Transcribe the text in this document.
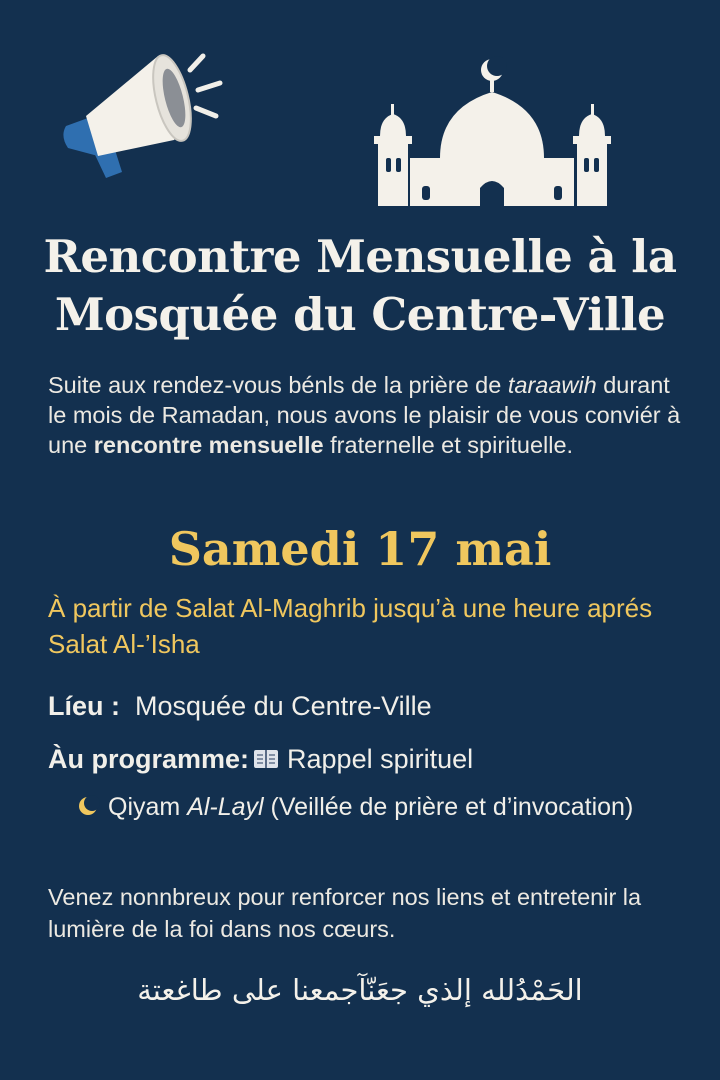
Rencontre Mensuelle à la
Mosquée du Centre-Ville

Suite aux rendez-vous bénls de la prière de taraawih durant le mois de Ramadan, nous avons le plaisir de vous conviér à une rencontre mensuelle fraternelle et spirituelle.

Samedi 17 mai
À partir de Salat Al-Maghrib jusqu’à une heure aprés Salat Al-’Isha
Líeu : Mosquée du Centre-Ville
Àu programme: Rappel spirituel
Qiyam Al-Layl (Veillée de prière et d’invocation)

Venez nonnbreux pour renforcer nos liens et entretenir la lumière de la foi dans nos cœurs.

الحَمْدُلله إلذي جعَنّآجمعنا على طاغعتة
